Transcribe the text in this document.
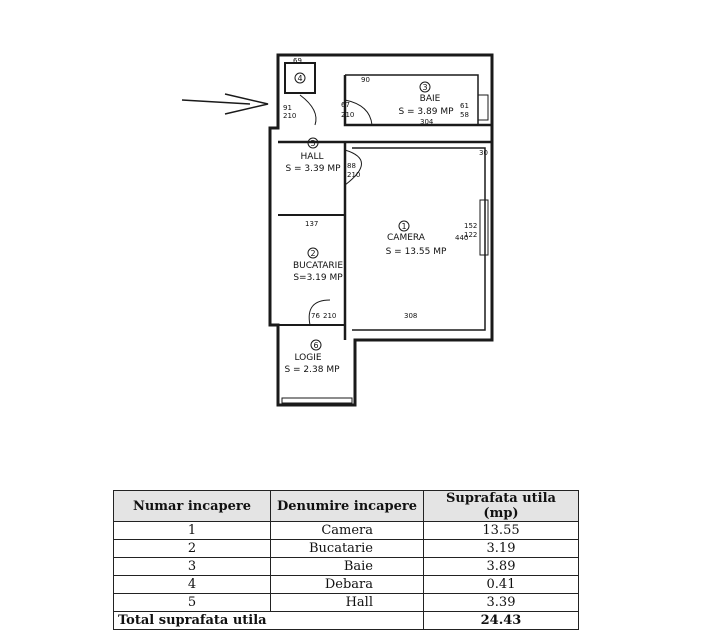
1
2
3
4
5
6
CAMERA
S = 13.55 MP
BUCATARIE
S=3.19 MP
BAIE
S = 3.89 MP
HALL
S = 3.39 MP
LOGIE
S = 2.38 MP
69
91
210
67
210
90
61
58
304
30
88
210
137
440
152
122
308
76 210
Numar incapere	Denumire incapere	Suprafata utila (mp)
1	Camera	13.55
2	Bucatarie	3.19
3	Baie	3.89
4	Debara	0.41
5	Hall	3.39
Total suprafata utila		24.43
